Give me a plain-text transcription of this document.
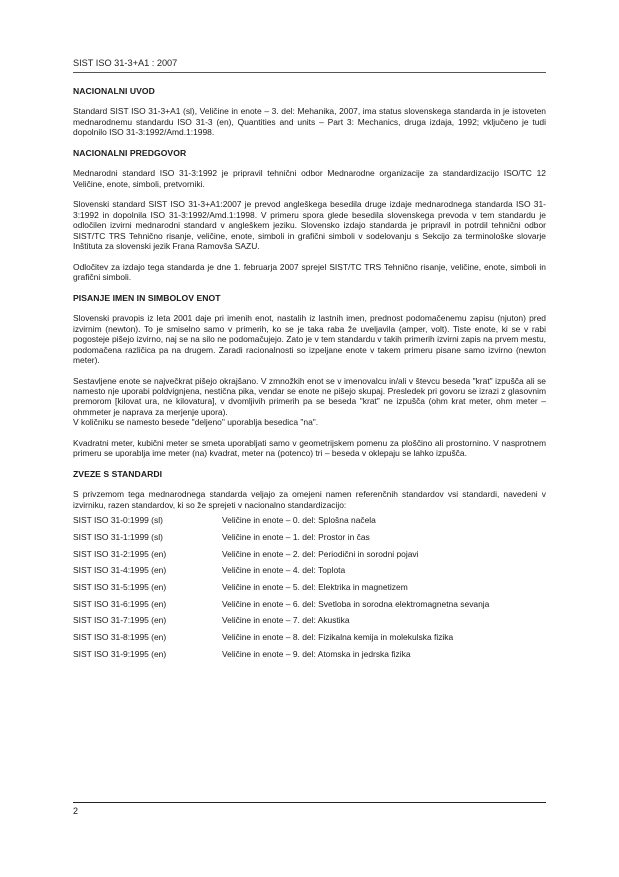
SIST ISO 31-3+A1 : 2007
NACIONALNI UVOD

Standard SIST ISO 31-3+A1 (sl), Veličine in enote – 3. del: Mehanika, 2007, ima status slovenskega standarda in je istoveten mednarodnemu standardu ISO 31-3 (en), Quantities and units – Part 3: Mechanics, druga izdaja, 1992; vključeno je tudi dopolnilo ISO 31-3:1992/Amd.1:1998.

NACIONALNI PREDGOVOR

Mednarodni standard ISO 31-3:1992 je pripravil tehnični odbor Mednarodne organizacije za standardizacijo ISO/TC 12 Veličine, enote, simboli, pretvorniki.

Slovenski standard SIST ISO 31-3+A1:2007 je prevod angleškega besedila druge izdaje mednarodnega standarda ISO 31-3:1992 in dopolnila ISO 31-3:1992/Amd.1:1998. V primeru spora glede besedila slovenskega prevoda v tem standardu je odločilen izvirni mednarodni standard v angleškem jeziku. Slovensko izdajo standarda je pripravil in potrdil tehnični odbor SIST/TC TRS Tehnično risanje, veličine, enote, simboli in grafični simboli v sodelovanju s Sekcijo za terminološke slovarje Inštituta za slovenski jezik Frana Ramovša SAZU.

Odločitev za izdajo tega standarda je dne 1. februarja 2007 sprejel SIST/TC TRS Tehnično risanje, veličine, enote, simboli in grafični simboli.

PISANJE IMEN IN SIMBOLOV ENOT

Slovenski pravopis iz leta 2001 daje pri imenih enot, nastalih iz lastnih imen, prednost podomačenemu zapisu (njuton) pred izvirnim (newton). To je smiselno samo v primerih, ko se je taka raba že uveljavila (amper, volt). Tiste enote, ki se v rabi pogosteje pišejo izvirno, naj se na silo ne podomačujejo. Zato je v tem standardu v takih primerih izvirni zapis na prvem mestu, podomačena različica pa na drugem. Zaradi racionalnosti so izpeljane enote v takem primeru pisane samo izvirno (newton meter).

Sestavljene enote se največkrat pišejo okrajšano. V zmnožkih enot se v imenovalcu in/ali v števcu beseda "krat" izpušča ali se namesto nje uporabi poldvignjena, nestična pika, vendar se enote ne pišejo skupaj. Presledek pri govoru se izrazi z glasovnim premorom [kilovat ura, ne kilovatura], v dvomljivih primerih pa se beseda "krat" ne izpušča (ohm krat meter, ohm meter – ohmmeter je naprava za merjenje upora).

V količniku se namesto besede "deljeno" uporablja besedica "na".

Kvadratni meter, kubični meter se smeta uporabljati samo v geometrijskem pomenu za ploščino ali prostornino. V nasprotnem primeru se uporablja ime meter (na) kvadrat, meter na (potenco) tri – beseda v oklepaju se lahko izpušča.

ZVEZE S STANDARDI

S privzemom tega mednarodnega standarda veljajo za omejeni namen referenčnih standardov vsi standardi, navedeni v izvirniku, razen standardov, ki so že sprejeti v nacionalno standardizacijo:

SIST ISO 31-0:1999 (sl)	Veličine in enote – 0. del: Splošna načela
SIST ISO 31-1:1999 (sl)	Veličine in enote – 1. del: Prostor in čas
SIST ISO 31-2:1995 (en)	Veličine in enote – 2. del: Periodični in sorodni pojavi
SIST ISO 31-4:1995 (en)	Veličine in enote – 4. del: Toplota
SIST ISO 31-5:1995 (en)	Veličine in enote – 5. del: Elektrika in magnetizem
SIST ISO 31-6:1995 (en)	Veličine in enote – 6. del: Svetloba in sorodna elektromagnetna sevanja
SIST ISO 31-7:1995 (en)	Veličine in enote – 7. del: Akustika
SIST ISO 31-8:1995 (en)	Veličine in enote – 8. del: Fizikalna kemija in molekulska fizika
SIST ISO 31-9:1995 (en)	Veličine in enote – 9. del: Atomska in jedrska fizika
2
